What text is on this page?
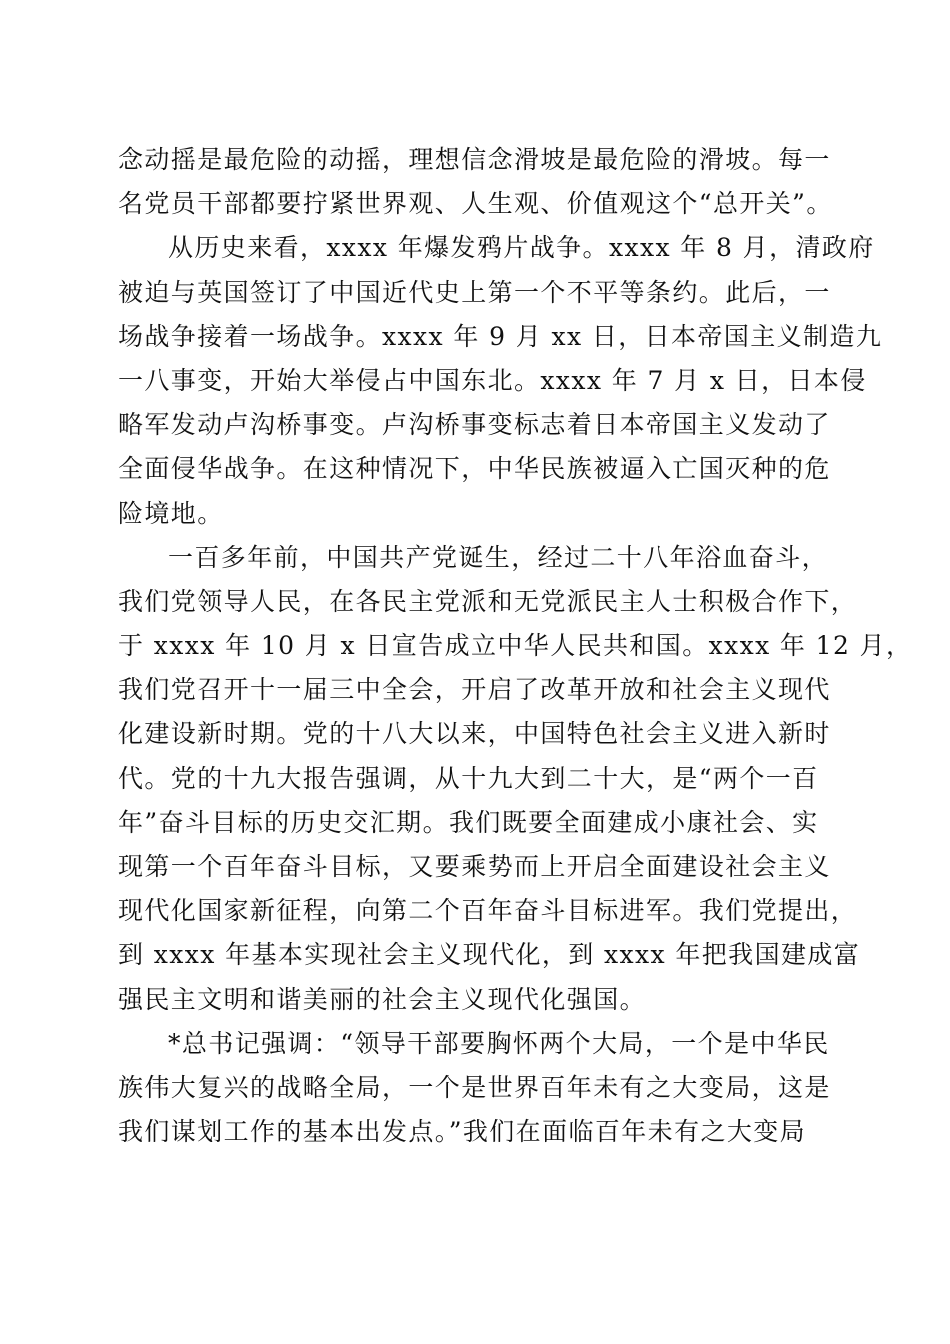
念动摇是最危险的动摇，理想信念滑坡是最危险的滑坡。每一
名党员干部都要拧紧世界观、人生观、价值观这个“总开关”。
从历史来看，xxxx 年爆发鸦片战争。xxxx 年 8 月，清政府
被迫与英国签订了中国近代史上第一个不平等条约。此后，一
场战争接着一场战争。xxxx 年 9 月 xx 日，日本帝国主义制造九
一八事变，开始大举侵占中国东北。xxxx 年 7 月 x 日，日本侵
略军发动卢沟桥事变。卢沟桥事变标志着日本帝国主义发动了
全面侵华战争。在这种情况下，中华民族被逼入亡国灭种的危
险境地。
一百多年前，中国共产党诞生，经过二十八年浴血奋斗，
我们党领导人民，在各民主党派和无党派民主人士积极合作下，
于 xxxx 年 10 月 x 日宣告成立中华人民共和国。xxxx 年 12 月，
我们党召开十一届三中全会，开启了改革开放和社会主义现代
化建设新时期。党的十八大以来，中国特色社会主义进入新时
代。党的十九大报告强调，从十九大到二十大，是“两个一百
年”奋斗目标的历史交汇期。我们既要全面建成小康社会、实
现第一个百年奋斗目标，又要乘势而上开启全面建设社会主义
现代化国家新征程，向第二个百年奋斗目标进军。我们党提出，
到 xxxx 年基本实现社会主义现代化，到 xxxx 年把我国建成富
强民主文明和谐美丽的社会主义现代化强国。
*总书记强调：“领导干部要胸怀两个大局，一个是中华民
族伟大复兴的战略全局，一个是世界百年未有之大变局，这是
我们谋划工作的基本出发点。”我们在面临百年未有之大变局
